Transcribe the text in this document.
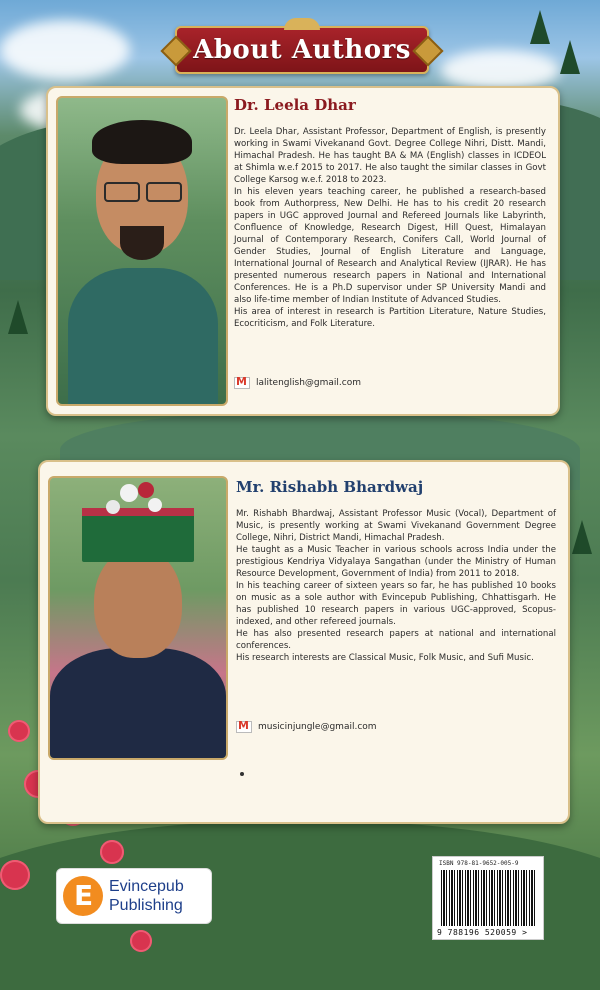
About Authors
Dr. Leela Dhar

Dr. Leela Dhar, Assistant Professor, Department of English, is presently working in Swami Vivekanand Govt. Degree College Nihri, Distt. Mandi, Himachal Pradesh. He has taught BA & MA (English) classes in ICDEOL at Shimla w.e.f 2015 to 2017. He also taught the similar classes in Govt College Karsog w.e.f. 2018 to 2023.

In his eleven years teaching career, he published a research-based book from Authorpress, New Delhi. He has to his credit 20 research papers in UGC approved Journal and Refereed Journals like Labyrinth, Confluence of Knowledge, Research Digest, Hill Quest, Himalayan Journal of Contemporary Research, Conifers Call, World Journal of Gender Studies, Journal of English Literature and Language, International Journal of Research and Analytical Review (IJRAR). He has presented numerous research papers in National and International Conferences. He is a Ph.D supervisor under SP University Mandi and also life-time member of Indian Institute of Advanced Studies.

His area of interest in research is Partition Literature, Nature Studies, Ecocriticism, and Folk Literature.

M
lalitenglish@gmail.com
Mr. Rishabh Bhardwaj

Mr. Rishabh Bhardwaj, Assistant Professor Music (Vocal), Department of Music, is presently working at Swami Vivekanand Government Degree College, Nihri, District Mandi, Himachal Pradesh.

He taught as a Music Teacher in various schools across India under the prestigious Kendriya Vidyalaya Sangathan (under the Ministry of Human Resource Development, Government of India) from 2011 to 2018.

In his teaching career of sixteen years so far, he has published 10 books on music as a sole author with Evincepub Publishing, Chhattisgarh. He has published 10 research papers in various UGC-approved, Scopus-indexed, and other refereed journals.

He has also presented research papers at national and international conferences.

His research interests are Classical Music, Folk Music, and Sufi Music.

M
musicinjungle@gmail.com
E
Evincepub
Publishing
ISBN 978-81-9652-005-9
9 788196 520059 >
